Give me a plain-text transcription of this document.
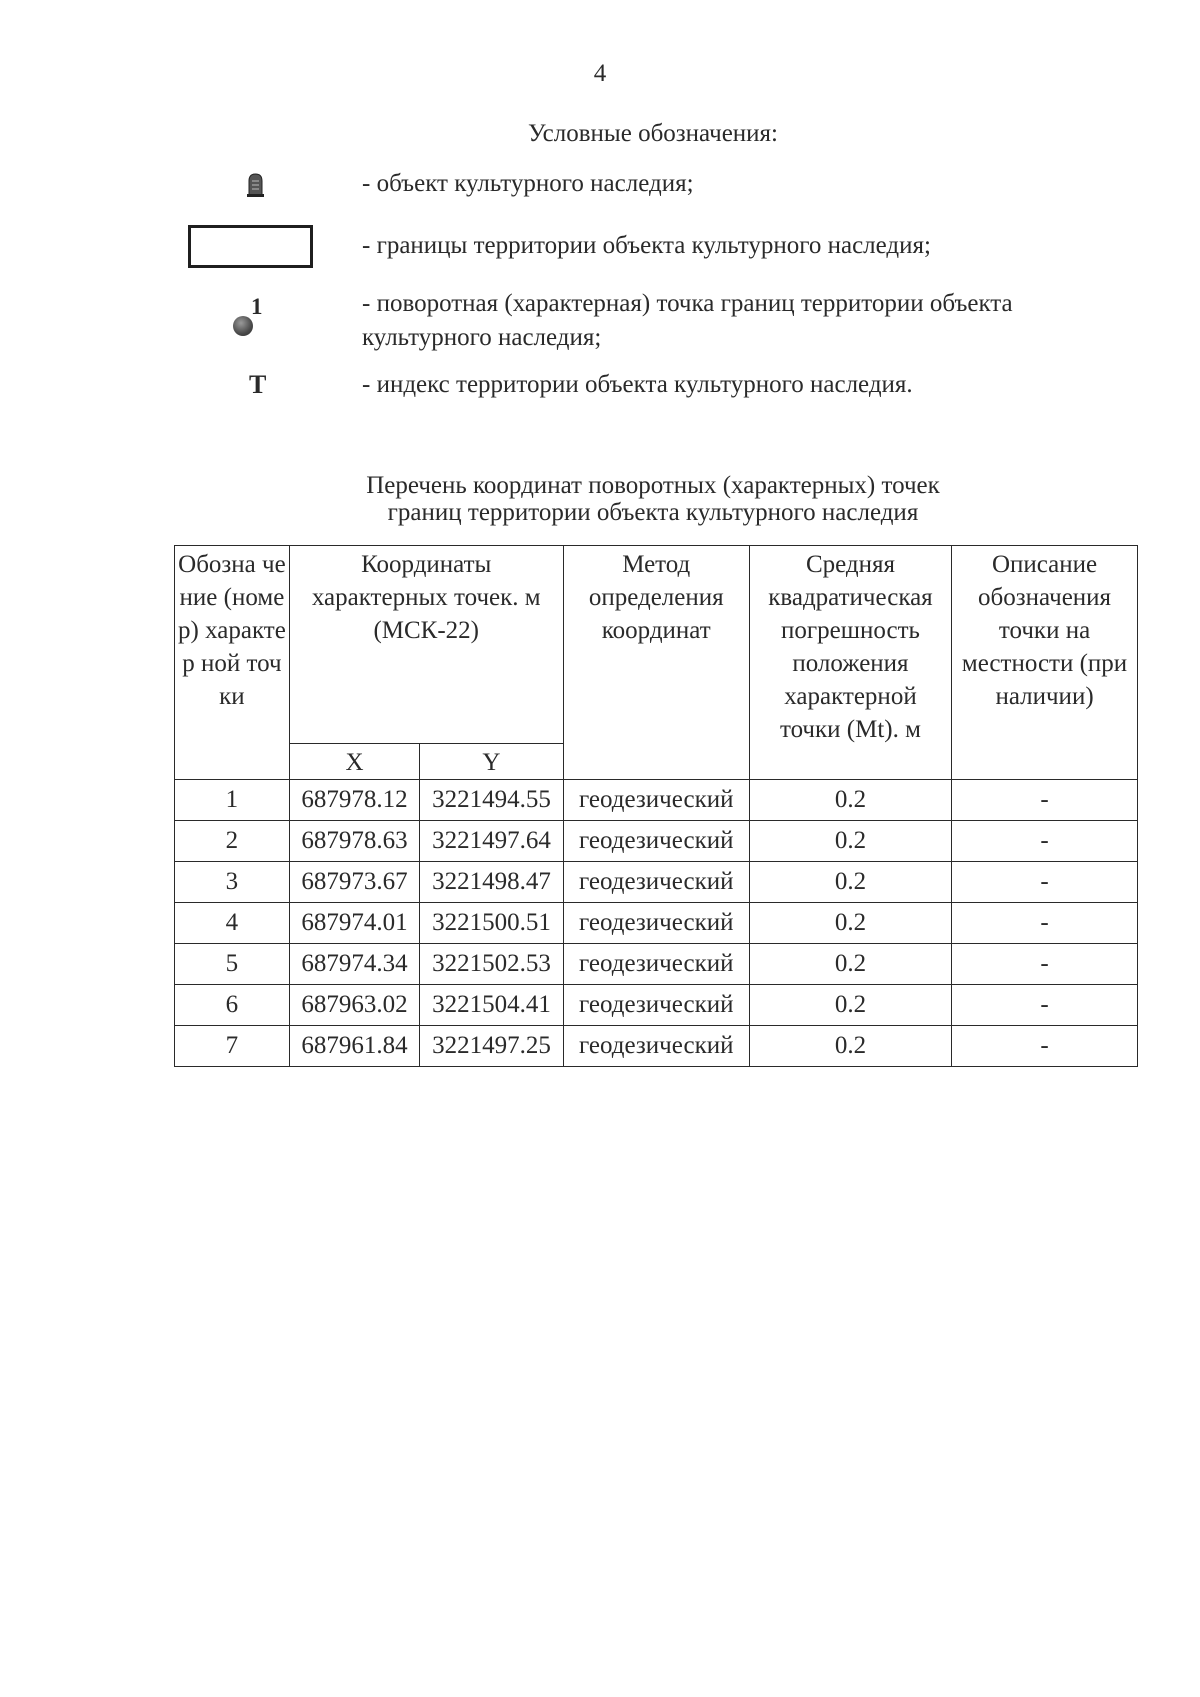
4
Условные обозначения:
- объект культурного наследия;
- границы территории объекта культурного наследия;
1	- поворотная (характерная) точка границ территории объекта культурного наследия;
Т	- индекс территории объекта культурного наследия.
Перечень координат поворотных (характерных) точек
границ территории объекта культурного наследия
Обозна чение (номер) характер ной точки	Координаты характерных точек. м (МСК-22)		Метод определения координат	Средняя квадратическая погрешность положения характерной точки (Mt). м	Описание обозначения точки на местности (при наличии)

	X	Y			
1	687978.12	3221494.55	геодезический	0.2	-
2	687978.63	3221497.64	геодезический	0.2	-
3	687973.67	3221498.47	геодезический	0.2	-
4	687974.01	3221500.51	геодезический	0.2	-
5	687974.34	3221502.53	геодезический	0.2	-
6	687963.02	3221504.41	геодезический	0.2	-
7	687961.84	3221497.25	геодезический	0.2	-
